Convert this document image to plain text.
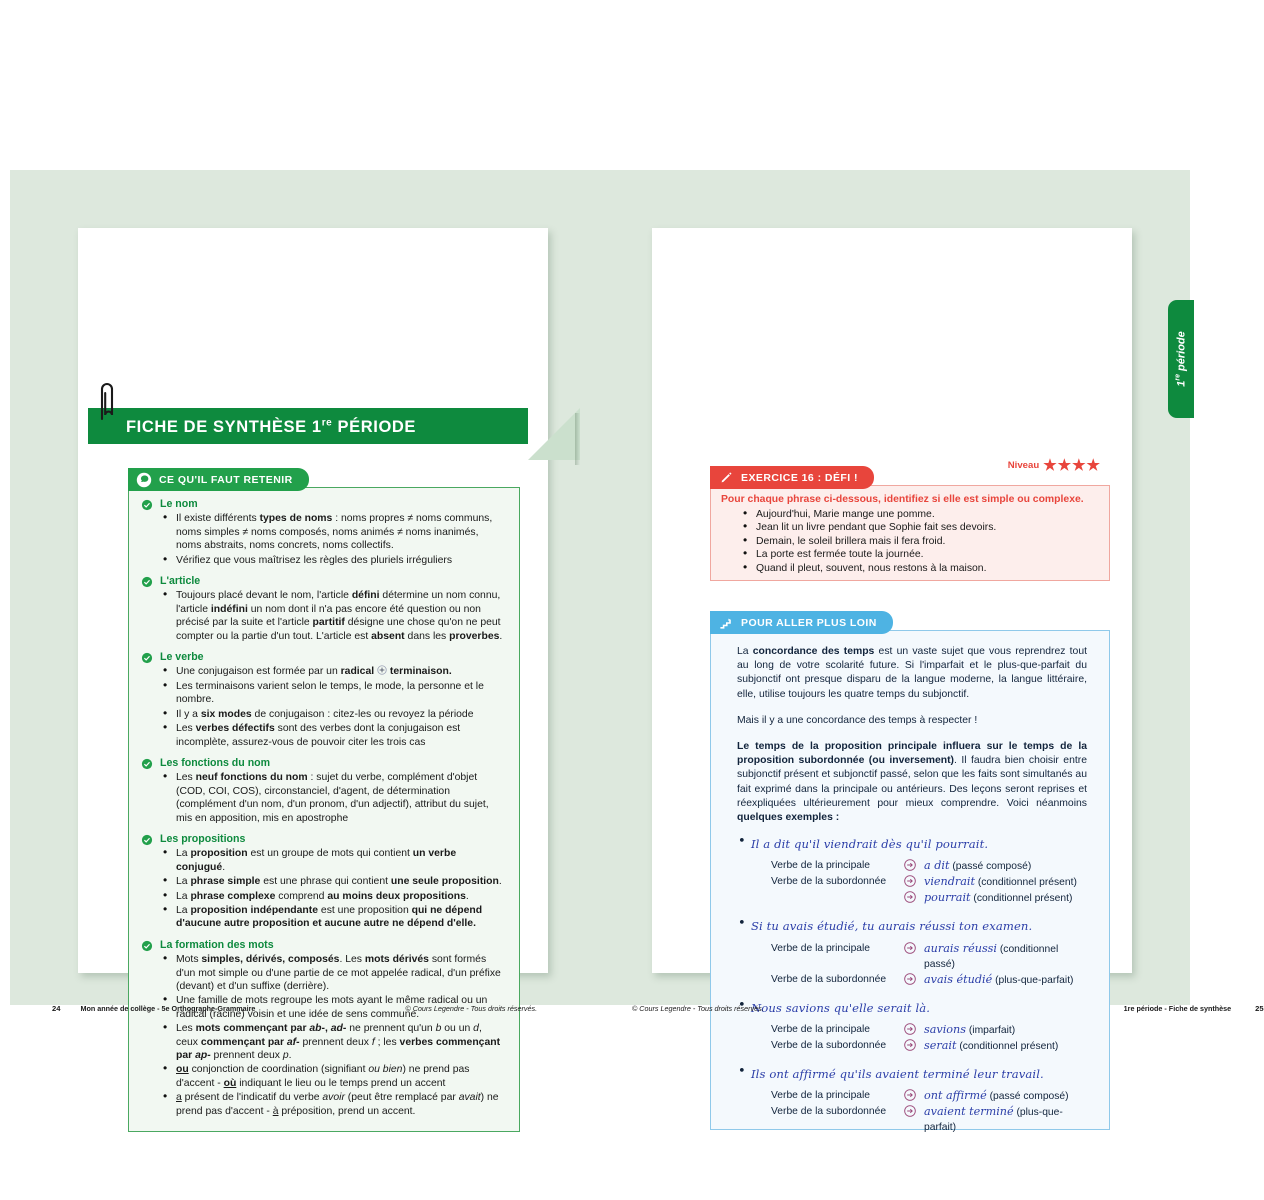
FICHE DE SYNTHÈSE 1re PÉRIODE
CE QU'IL FAUT RETENIR
Le nom
• Il existe différents types de noms : noms propres ≠ noms communs, noms simples ≠ noms composés, noms animés ≠ noms inanimés, noms abstraits, noms concrets, noms collectifs.
• Vérifiez que vous maîtrisez les règles des pluriels irréguliers
L'article
• Toujours placé devant le nom, l'article défini détermine un nom connu, l'article indéfini un nom dont il n'a pas encore été question ou non précisé par la suite et l'article partitif désigne une chose qu'on ne peut compter ou la partie d'un tout. L'article est absent dans les proverbes.
Le verbe
• Une conjugaison est formée par un radical terminaison.
• Les terminaisons varient selon le temps, le mode, la personne et le nombre.
• Il y a six modes de conjugaison : citez-les ou revoyez la période
• Les verbes défectifs sont des verbes dont la conjugaison est incomplète, assurez-vous de pouvoir citer les trois cas
Les fonctions du nom
• Les neuf fonctions du nom : sujet du verbe, complément d'objet (COD, COI, COS), circonstanciel, d'agent, de détermination (complément d'un nom, d'un pronom, d'un adjectif), attribut du sujet, mis en apposition, mis en apostrophe
Les propositions
• La proposition est un groupe de mots qui contient un verbe conjugué.
• La phrase simple est une phrase qui contient une seule proposition.
• La phrase complexe comprend au moins deux propositions.
• La proposition indépendante est une proposition qui ne dépend d'aucune autre proposition et aucune autre ne dépend d'elle.
La formation des mots
• Mots simples, dérivés, composés. Les mots dérivés sont formés d'un mot simple ou d'une partie de ce mot appelée radical, d'un préfixe (devant) et d'un suffixe (derrière).
• Une famille de mots regroupe les mots ayant le même radical ou un radical (racine) voisin et une idée de sens commune.
• Les mots commençant par ab-, ad- ne prennent qu'un b ou un d, ceux commençant par af- prennent deux f ; les verbes commençant par ap- prennent deux p.
• ou conjonction de coordination (signifiant ou bien) ne prend pas d'accent - où indiquant le lieu ou le temps prend un accent
• a présent de l'indicatif du verbe avoir (peut être remplacé par avait) ne prend pas d'accent - à préposition, prend un accent.
24	Mon année de collège - 5e Orthographe-Grammaire	© Cours Legendre - Tous droits réservés.
EXERCICE 16 : DÉFI !
Niveau ★★★★
Pour chaque phrase ci-dessous, identifiez si elle est simple ou complexe.
• Aujourd'hui, Marie mange une pomme.
• Jean lit un livre pendant que Sophie fait ses devoirs.
• Demain, le soleil brillera mais il fera froid.
• La porte est fermée toute la journée.
• Quand il pleut, souvent, nous restons à la maison.
POUR ALLER PLUS LOIN

La concordance des temps est un vaste sujet que vous reprendrez tout au long de votre scolarité future. Si l'imparfait et le plus-que-parfait du subjonctif ont presque disparu de la langue moderne, la langue littéraire, elle, utilise toujours les quatre temps du subjonctif.

Mais il y a une concordance des temps à respecter !

Le temps de la proposition principale influera sur le temps de la proposition subordonnée (ou inversement). Il faudra bien choisir entre subjonctif présent et subjonctif passé, selon que les faits sont simultanés au fait exprimé dans la principale ou antérieurs. Des leçons seront reprises et réexpliquées ultérieurement pour mieux comprendre. Voici néanmoins quelques exemples :

• Il a dit qu'il viendrait dès qu'il pourrait.
Verbe de la principale	a dit (passé composé)
Verbe de la subordonnée	viendrait (conditionnel présent)
pourrait (conditionnel présent)
• Si tu avais étudié, tu aurais réussi ton examen.
Verbe de la principale	aurais réussi (conditionnel passé)
Verbe de la subordonnée	avais étudié (plus-que-parfait)
• Nous savions qu'elle serait là.
Verbe de la principale	savions (imparfait)
Verbe de la subordonnée	serait (conditionnel présent)
• Ils ont affirmé qu'ils avaient terminé leur travail.
Verbe de la principale	ont affirmé (passé composé)
Verbe de la subordonnée	avaient terminé (plus-que-parfait)
© Cours Legendre - Tous droits réservés.	1re période - Fiche de synthèse	25
1re période
